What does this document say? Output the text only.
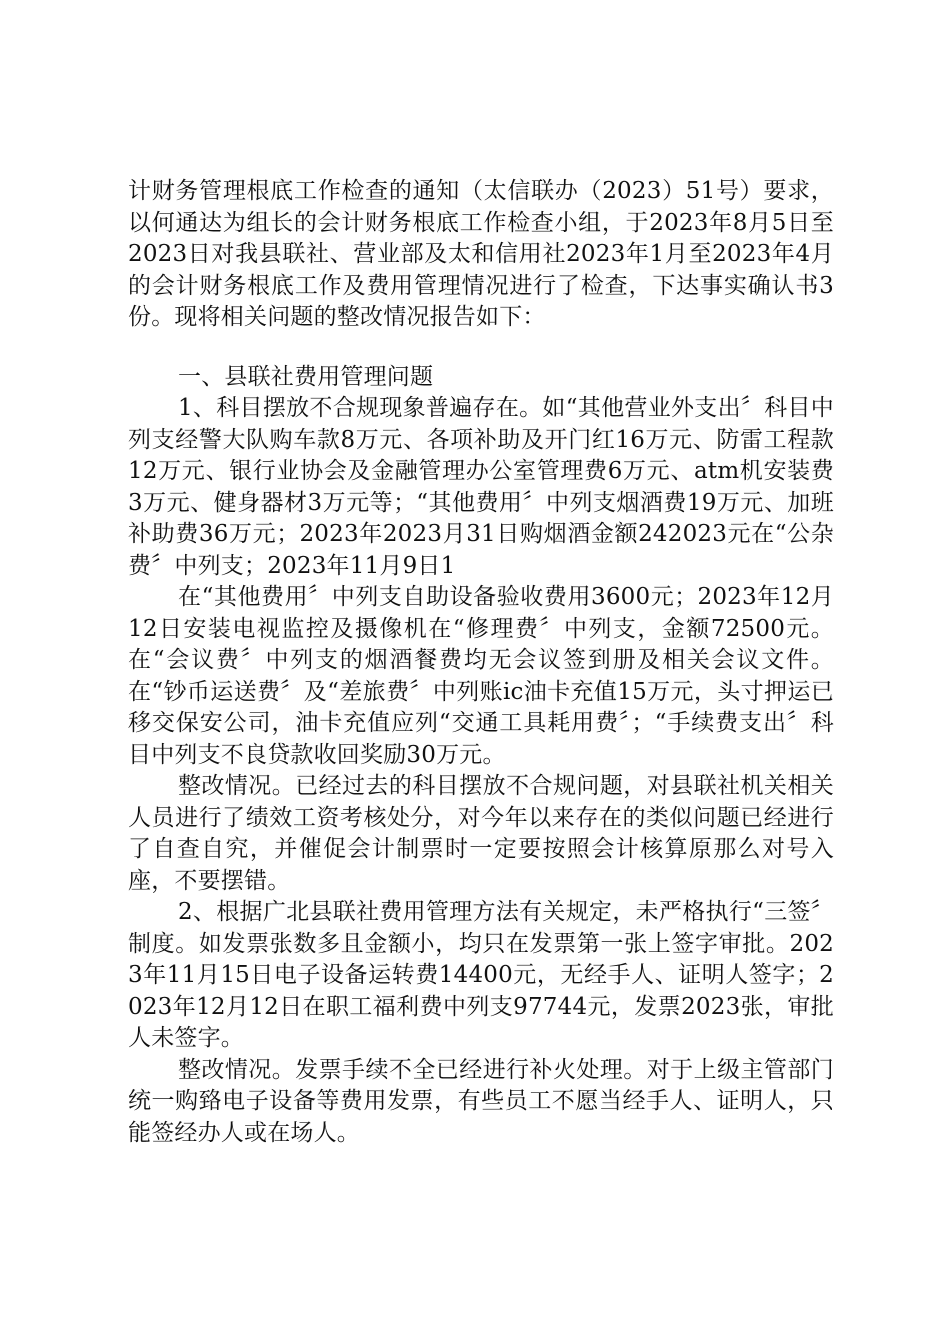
计财务管理根底工作检查的通知（太信联办（2023）51号）要求，以何通达为组长的会计财务根底工作检查小组，于2023年8月5日至2023日对我县联社、营业部及太和信用社2023年1月至2023年4月的会计财务根底工作及费用管理情况进行了检查，下达事实确认书3份。现将相关问题的整改情况报告如下：

一、县联社费用管理问题

1、科目摆放不合规现象普遍存在。如“其他营业外支出〞科目中列支经警大队购车款8万元、各项补助及开门红16万元、防雷工程款12万元、银行业协会及金融管理办公室管理费6万元、atm机安装费3万元、健身器材3万元等；“其他费用〞中列支烟酒费19万元、加班补助费36万元；2023年2023月31日购烟酒金额242023元在“公杂费〞中列支；2023年11月9日1

在“其他费用〞中列支自助设备验收费用3600元；2023年12月12日安装电视监控及摄像机在“修理费〞中列支，金额72500元。在“会议费〞中列支的烟酒餐费均无会议签到册及相关会议文件。在“钞币运送费〞及“差旅费〞中列账ic油卡充值15万元，头寸押运已移交保安公司，油卡充值应列“交通工具耗用费〞；“手续费支出〞科目中列支不良贷款收回奖励30万元。

整改情况。已经过去的科目摆放不合规问题，对县联社机关相关人员进行了绩效工资考核处分，对今年以来存在的类似问题已经进行了自查自究，并催促会计制票时一定要按照会计核算原那么对号入座，不要摆错。

2、根据广北县联社费用管理方法有关规定，未严格执行“三签〞制度。如发票张数多且金额小，均只在发票第一张上签字审批。2023年11月15日电子设备运转费14400元，无经手人、证明人签字；2023年12月12日在职工福利费中列支97744元，发票2023张，审批人未签字。

整改情况。发票手续不全已经进行补火处理。对于上级主管部门统一购臵电子设备等费用发票，有些员工不愿当经手人、证明人，只能签经办人或在场人。
